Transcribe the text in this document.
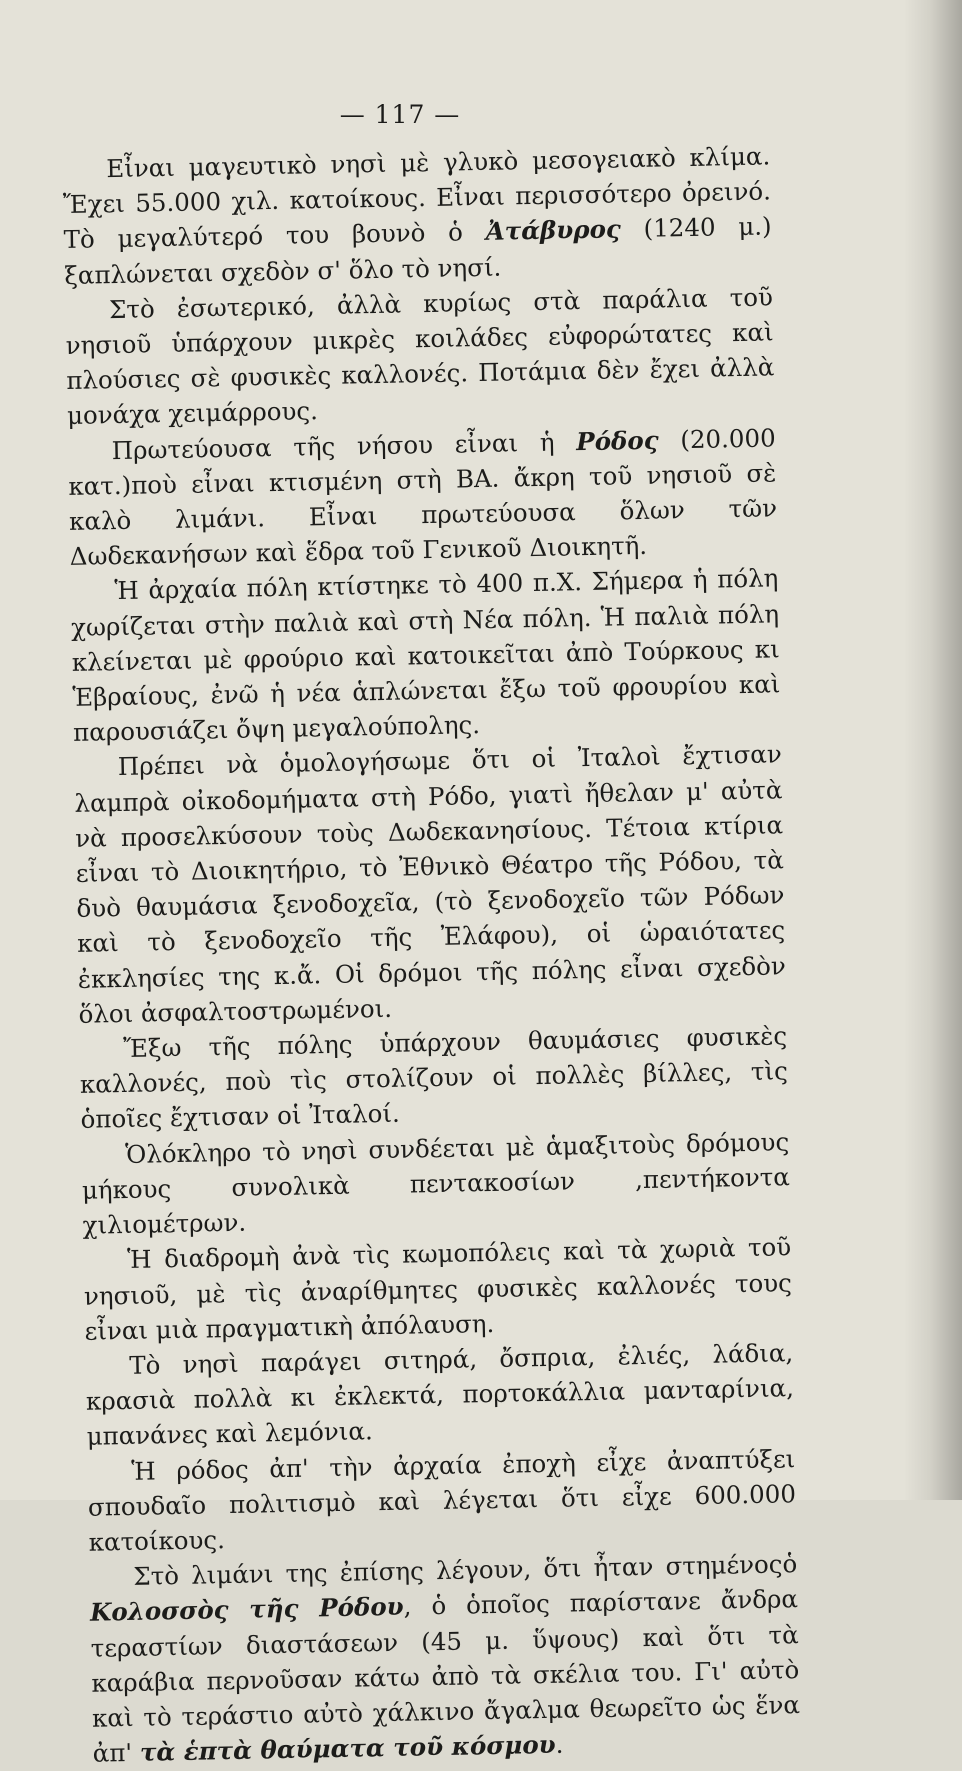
— 117 —

Εἶναι μαγευτικὸ νησὶ μὲ γλυκὸ μεσογειακὸ κλίμα. Ἔχει 55.000 χιλ. κατοίκους. Εἶναι περισσότερο ὀρεινό. Τὸ μεγαλύτερό του βουνὸ ὁ Ἀτάβυρος (1240 μ.) ξαπλώνεται σχεδὸν σ' ὅλο τὸ νησί.

Στὸ ἐσωτερικό, ἀλλὰ κυρίως στὰ παράλια τοῦ νησιοῦ ὑπάρχουν μικρὲς κοιλάδες εὐφορώτατες καὶ πλούσιες σὲ φυσικὲς καλλονές. Ποτάμια δὲν ἔχει ἀλλὰ μονάχα χειμάρρους.

Πρωτεύουσα τῆς νήσου εἶναι ἡ Ρόδος (20.000 κατ.)ποὺ εἶναι κτισμένη στὴ ΒΑ. ἄκρη τοῦ νησιοῦ σὲ καλὸ λιμάνι. Εἶναι πρωτεύουσα ὅλων τῶν Δωδεκανήσων καὶ ἕδρα τοῦ Γενικοῦ Διοικητῆ.

Ἡ ἀρχαία πόλη κτίστηκε τὸ 400 π.Χ. Σήμερα ἡ πόλη χωρίζεται στὴν παλιὰ καὶ στὴ Νέα πόλη. Ἡ παλιὰ πόλη κλείνεται μὲ φρούριο καὶ κατοικεῖται ἀπὸ Τούρκους κι Ἑβραίους, ἐνῶ ἡ νέα ἁπλώνεται ἔξω τοῦ φρουρίου καὶ παρουσιάζει ὄψη μεγαλούπολης.

Πρέπει νὰ ὁμολογήσωμε ὅτι οἱ Ἰταλοὶ ἔχτισαν λαμπρὰ οἰκοδομήματα στὴ Ρόδο, γιατὶ ἤθελαν μ' αὐτὰ νὰ προσελκύσουν τοὺς Δωδεκανησίους. Τέτοια κτίρια εἶναι τὸ Διοικητήριο, τὸ Ἐθνικὸ Θέατρο τῆς Ρόδου, τὰ δυὸ θαυμάσια ξενοδοχεῖα, (τὸ ξενοδοχεῖο τῶν Ρόδων καὶ τὸ ξενοδοχεῖο τῆς Ἐλάφου), οἱ ὡραιότατες ἐκκλησίες της κ.ἄ. Οἱ δρόμοι τῆς πόλης εἶναι σχεδὸν ὅλοι ἀσφαλτοστρωμένοι.

Ἔξω τῆς πόλης ὑπάρχουν θαυμάσιες φυσικὲς καλλονές, ποὺ τὶς στολίζουν οἱ πολλὲς βίλλες, τὶς ὁποῖες ἔχτισαν οἱ Ἰταλοί.

Ὁλόκληρο τὸ νησὶ συνδέεται μὲ ἁμαξιτοὺς δρόμους μήκους συνολικὰ πεντακοσίων ,πεντήκοντα χιλιομέτρων.

Ἡ διαδρομὴ ἀνὰ τὶς κωμοπόλεις καὶ τὰ χωριὰ τοῦ νησιοῦ, μὲ τὶς ἀναρίθμητες φυσικὲς καλλονές τους εἶναι μιὰ πραγματικὴ ἀπόλαυση.

Τὸ νησὶ παράγει σιτηρά, ὄσπρια, ἐλιές, λάδια, κρασιὰ πολλὰ κι ἐκλεκτά, πορτοκάλλια μανταρίνια, μπανάνες καὶ λεμόνια.

Ἡ ρόδος ἀπ' τὴν ἀρχαία ἐποχὴ εἶχε ἀναπτύξει σπουδαῖο πολιτισμὸ καὶ λέγεται ὅτι εἶχε 600.000 κατοίκους.

Στὸ λιμάνι της ἐπίσης λέγουν, ὅτι ἦταν στημένοςὁ Κολοσσὸς τῆς Ρόδου, ὁ ὁποῖος παρίστανε ἄνδρα τεραστίων διαστάσεων (45 μ. ὕψους) καὶ ὅτι τὰ καράβια περνοῦσαν κάτω ἀπὸ τὰ σκέλια του. Γι' αὐτὸ καὶ τὸ τεράστιο αὐτὸ χάλκινο ἄγαλμα θεωρεῖτο ὡς ἕνα ἀπ' τὰ ἑπτὰ θαύματα τοῦ κόσμου.
